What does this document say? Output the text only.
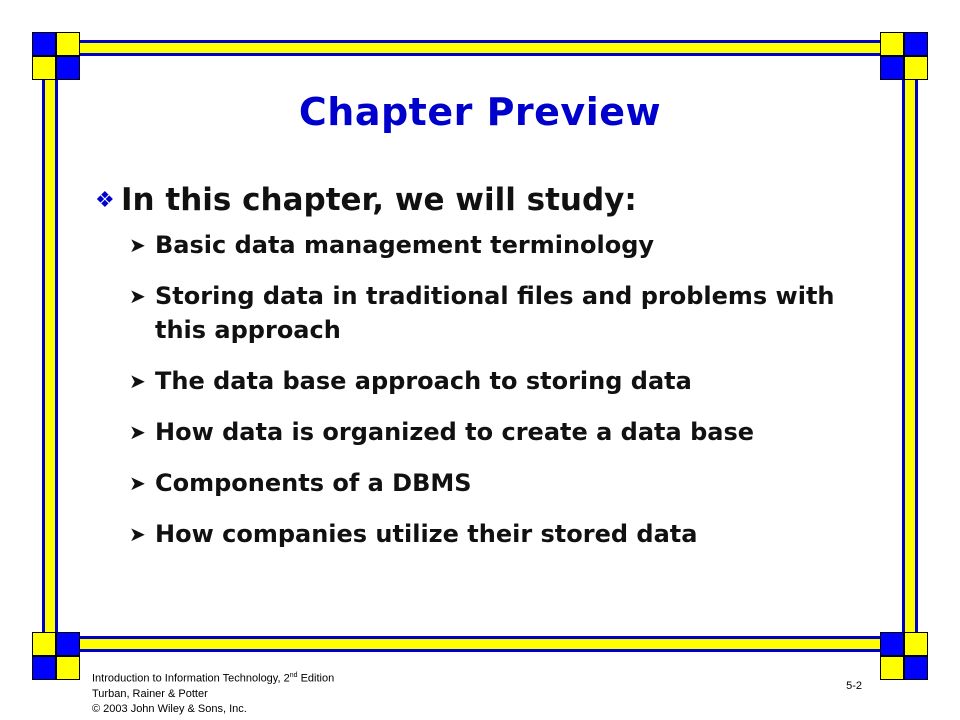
Chapter Preview
❖ In this chapter, we will study:
➤ Basic data management terminology
➤ Storing data in traditional files and problems with this approach
➤ The data base approach to storing data
➤ How data is organized to create a data base
➤ Components of a DBMS
➤ How companies utilize their stored data
Introduction to Information Technology, 2nd Edition
Turban, Rainer & Potter
© 2003 John Wiley & Sons, Inc.
5-2
